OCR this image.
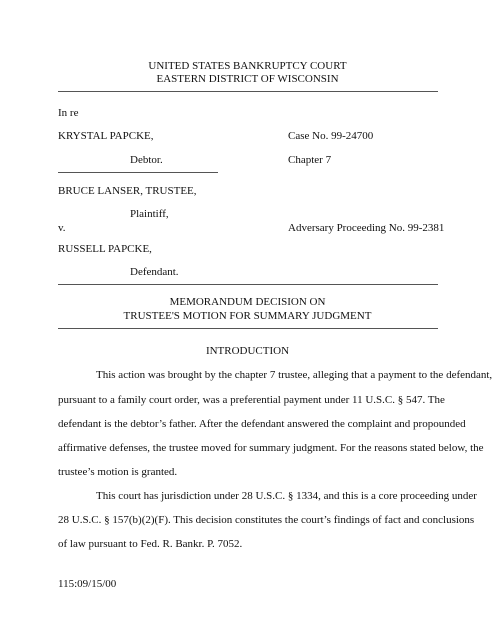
UNITED STATES BANKRUPTCY COURT
EASTERN DISTRICT OF WISCONSIN
In re
KRYSTAL PAPCKE,	Case No. 99-24700
Debtor.	Chapter 7
BRUCE LANSER, TRUSTEE,
Plaintiff,
v.	Adversary Proceeding No. 99-2381
RUSSELL PAPCKE,
Defendant.
MEMORANDUM DECISION ON
TRUSTEE'S MOTION FOR SUMMARY JUDGMENT
INTRODUCTION
This action was brought by the chapter 7 trustee, alleging that a payment to the defendant,
pursuant to a family court order, was a preferential payment under 11 U.S.C. § 547. The
defendant is the debtor’s father. After the defendant answered the complaint and propounded
affirmative defenses, the trustee moved for summary judgment. For the reasons stated below, the
trustee’s motion is granted.
This court has jurisdiction under 28 U.S.C. § 1334, and this is a core proceeding under
28 U.S.C. § 157(b)(2)(F). This decision constitutes the court’s findings of fact and conclusions
of law pursuant to Fed. R. Bankr. P. 7052.
115:09/15/00
